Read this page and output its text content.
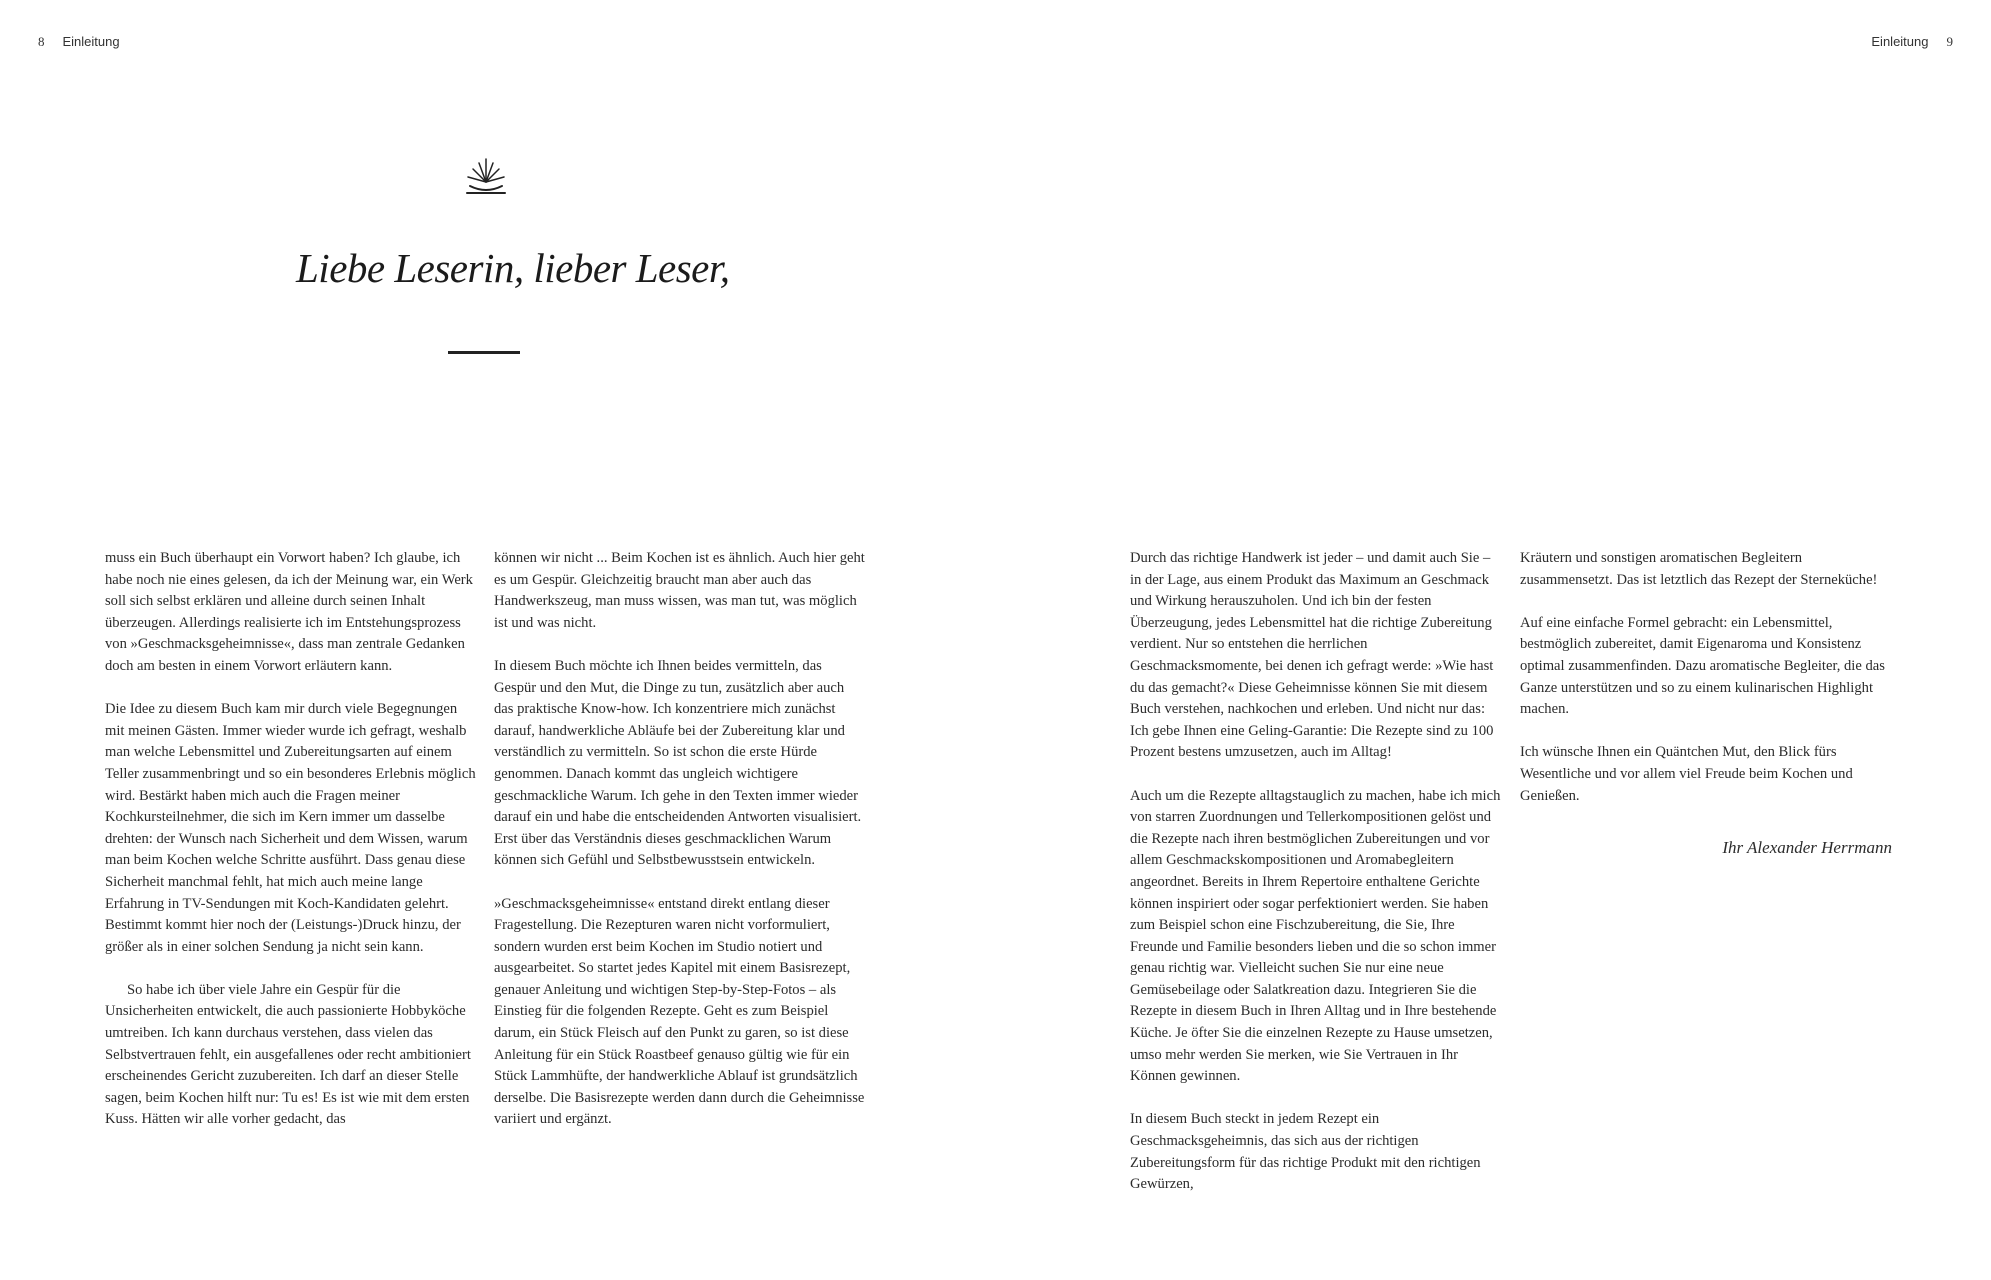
8 Einleitung	Einleitung 9
Liebe Leserin, lieber Leser,

muss ein Buch überhaupt ein Vorwort haben? Ich glaube, ich habe noch nie eines gelesen, da ich der Meinung war, ein Werk soll sich selbst erklären und alleine durch seinen Inhalt überzeugen. Allerdings realisierte ich im Entstehungsprozess von »Geschmacksgeheimnisse«, dass man zentrale Gedanken doch am besten in einem Vorwort erläutern kann.

Die Idee zu diesem Buch kam mir durch viele Begegnungen mit meinen Gästen. Immer wieder wurde ich gefragt, weshalb man welche Lebensmittel und Zubereitungsarten auf einem Teller zusammenbringt und so ein besonderes Erlebnis möglich wird. Bestärkt haben mich auch die Fragen meiner Kochkursteilnehmer, die sich im Kern immer um dasselbe drehten: der Wunsch nach Sicherheit und dem Wissen, warum man beim Kochen welche Schritte ausführt. Dass genau diese Sicherheit manchmal fehlt, hat mich auch meine lange Erfahrung in TV-Sendungen mit Koch-Kandidaten gelehrt. Bestimmt kommt hier noch der (Leistungs-)Druck hinzu, der größer als in einer solchen Sendung ja nicht sein kann.

So habe ich über viele Jahre ein Gespür für die Unsicherheiten entwickelt, die auch passionierte Hobbyköche umtreiben. Ich kann durchaus verstehen, dass vielen das Selbstvertrauen fehlt, ein ausgefallenes oder recht ambitioniert erscheinendes Gericht zuzubereiten. Ich darf an dieser Stelle sagen, beim Kochen hilft nur: Tu es! Es ist wie mit dem ersten Kuss. Hätten wir alle vorher gedacht, das

können wir nicht ... Beim Kochen ist es ähnlich. Auch hier geht es um Gespür. Gleichzeitig braucht man aber auch das Handwerkszeug, man muss wissen, was man tut, was möglich ist und was nicht.

In diesem Buch möchte ich Ihnen beides vermitteln, das Gespür und den Mut, die Dinge zu tun, zusätzlich aber auch das praktische Know-how. Ich konzentriere mich zunächst darauf, handwerkliche Abläufe bei der Zubereitung klar und verständlich zu vermitteln. So ist schon die erste Hürde genommen. Danach kommt das ungleich wichtigere geschmackliche Warum. Ich gehe in den Texten immer wieder darauf ein und habe die entscheidenden Antworten visualisiert. Erst über das Verständnis dieses geschmacklichen Warum können sich Gefühl und Selbstbewusstsein entwickeln.

»Geschmacksgeheimnisse« entstand direkt entlang dieser Fragestellung. Die Rezepturen waren nicht vorformuliert, sondern wurden erst beim Kochen im Studio notiert und ausgearbeitet. So startet jedes Kapitel mit einem Basisrezept, genauer Anleitung und wichtigen Step-by-Step-Fotos – als Einstieg für die folgenden Rezepte. Geht es zum Beispiel darum, ein Stück Fleisch auf den Punkt zu garen, so ist diese Anleitung für ein Stück Roastbeef genauso gültig wie für ein Stück Lammhüfte, der handwerkliche Ablauf ist grundsätzlich derselbe. Die Basisrezepte werden dann durch die Geheimnisse variiert und ergänzt.

Durch das richtige Handwerk ist jeder – und damit auch Sie – in der Lage, aus einem Produkt das Maximum an Geschmack und Wirkung herauszuholen. Und ich bin der festen Überzeugung, jedes Lebensmittel hat die richtige Zubereitung verdient. Nur so entstehen die herrlichen Geschmacksmomente, bei denen ich gefragt werde: »Wie hast du das gemacht?« Diese Geheimnisse können Sie mit diesem Buch verstehen, nachkochen und erleben. Und nicht nur das: Ich gebe Ihnen eine Geling-Garantie: Die Rezepte sind zu 100 Prozent bestens umzusetzen, auch im Alltag!

Auch um die Rezepte alltagstauglich zu machen, habe ich mich von starren Zuordnungen und Tellerkompositionen gelöst und die Rezepte nach ihren bestmöglichen Zubereitungen und vor allem Geschmackskompositionen und Aromabegleitern angeordnet. Bereits in Ihrem Repertoire enthaltene Gerichte können inspiriert oder sogar perfektioniert werden. Sie haben zum Beispiel schon eine Fischzubereitung, die Sie, Ihre Freunde und Familie besonders lieben und die so schon immer genau richtig war. Vielleicht suchen Sie nur eine neue Gemüsebeilage oder Salatkreation dazu. Integrieren Sie die Rezepte in diesem Buch in Ihren Alltag und in Ihre bestehende Küche. Je öfter Sie die einzelnen Rezepte zu Hause umsetzen, umso mehr werden Sie merken, wie Sie Vertrauen in Ihr Können gewinnen.

In diesem Buch steckt in jedem Rezept ein Geschmacksgeheimnis, das sich aus der richtigen Zubereitungsform für das richtige Produkt mit den richtigen Gewürzen,

Kräutern und sonstigen aromatischen Begleitern zusammensetzt. Das ist letztlich das Rezept der Sterneküche!

Auf eine einfache Formel gebracht: ein Lebensmittel, bestmöglich zubereitet, damit Eigenaroma und Konsistenz optimal zusammenfinden. Dazu aromatische Begleiter, die das Ganze unterstützen und so zu einem kulinarischen Highlight machen.

Ich wünsche Ihnen ein Quäntchen Mut, den Blick fürs Wesentliche und vor allem viel Freude beim Kochen und Genießen.

Ihr Alexander Herrmann
